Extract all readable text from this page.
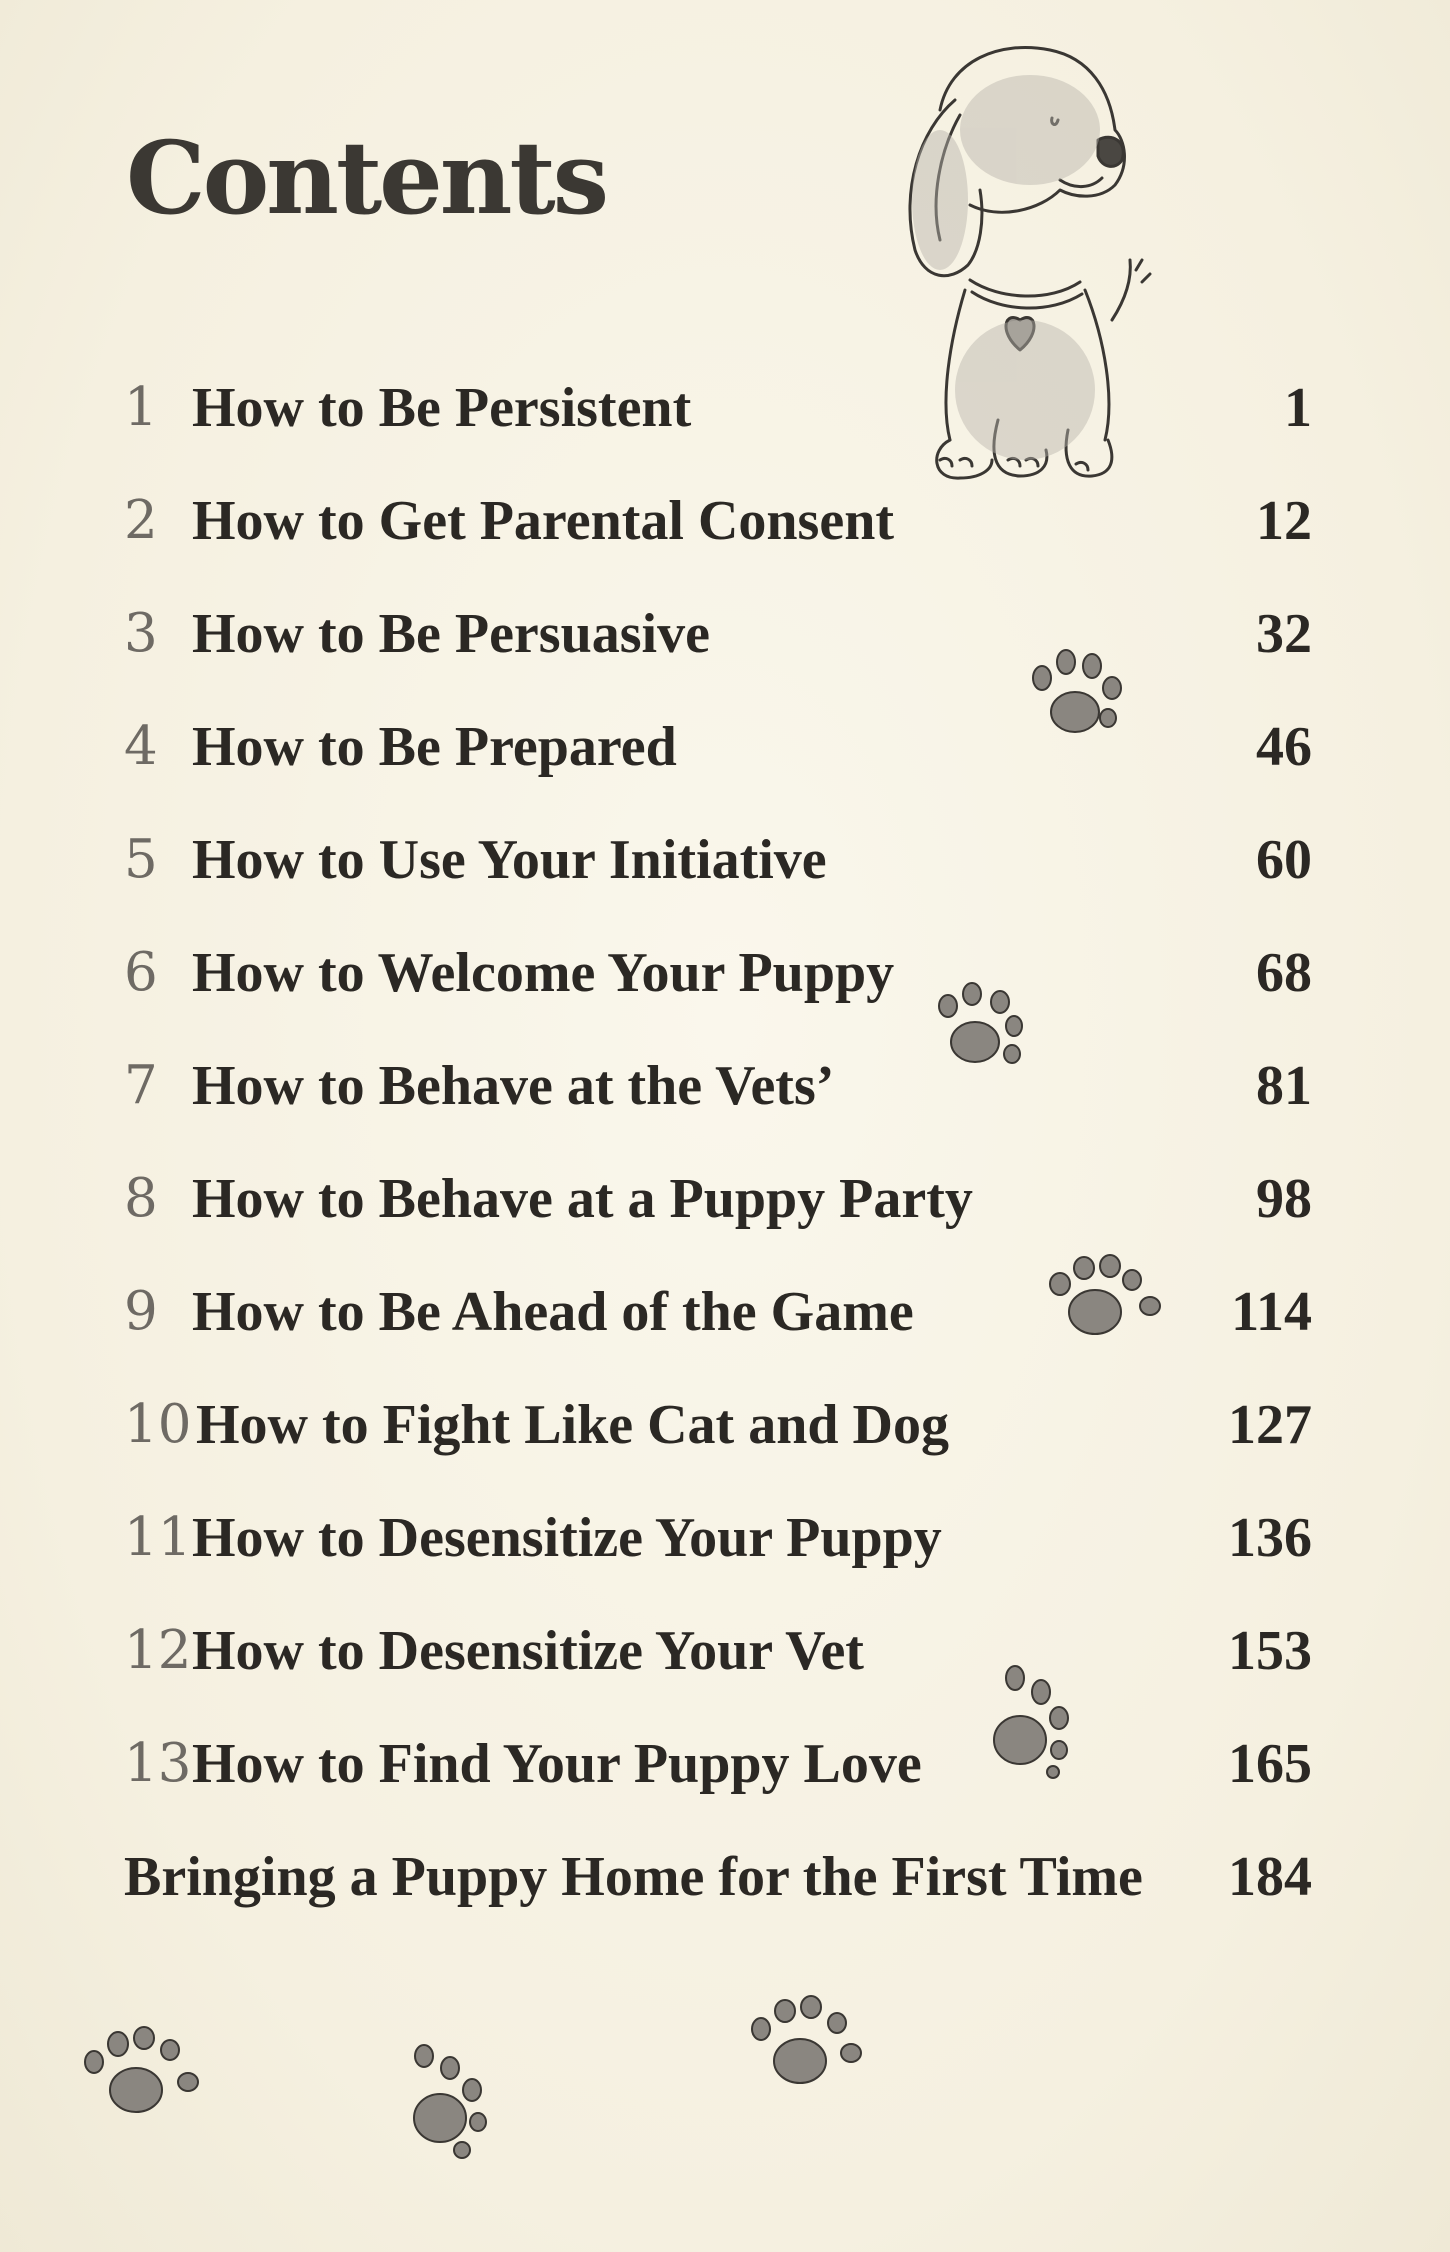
Contents
1 How to Be Persistent	1
2 How to Get Parental Consent	12
3 How to Be Persuasive	32
4 How to Be Prepared	46
5 How to Use Your Initiative	60
6 How to Welcome Your Puppy	68
7 How to Behave at the Vets’	81
8 How to Behave at a Puppy Party	98
9 How to Be Ahead of the Game	114
10 How to Fight Like Cat and Dog	127
11 How to Desensitize Your Puppy	136
12 How to Desensitize Your Vet	153
13 How to Find Your Puppy Love	165
Bringing a Puppy Home for the First Time 184
